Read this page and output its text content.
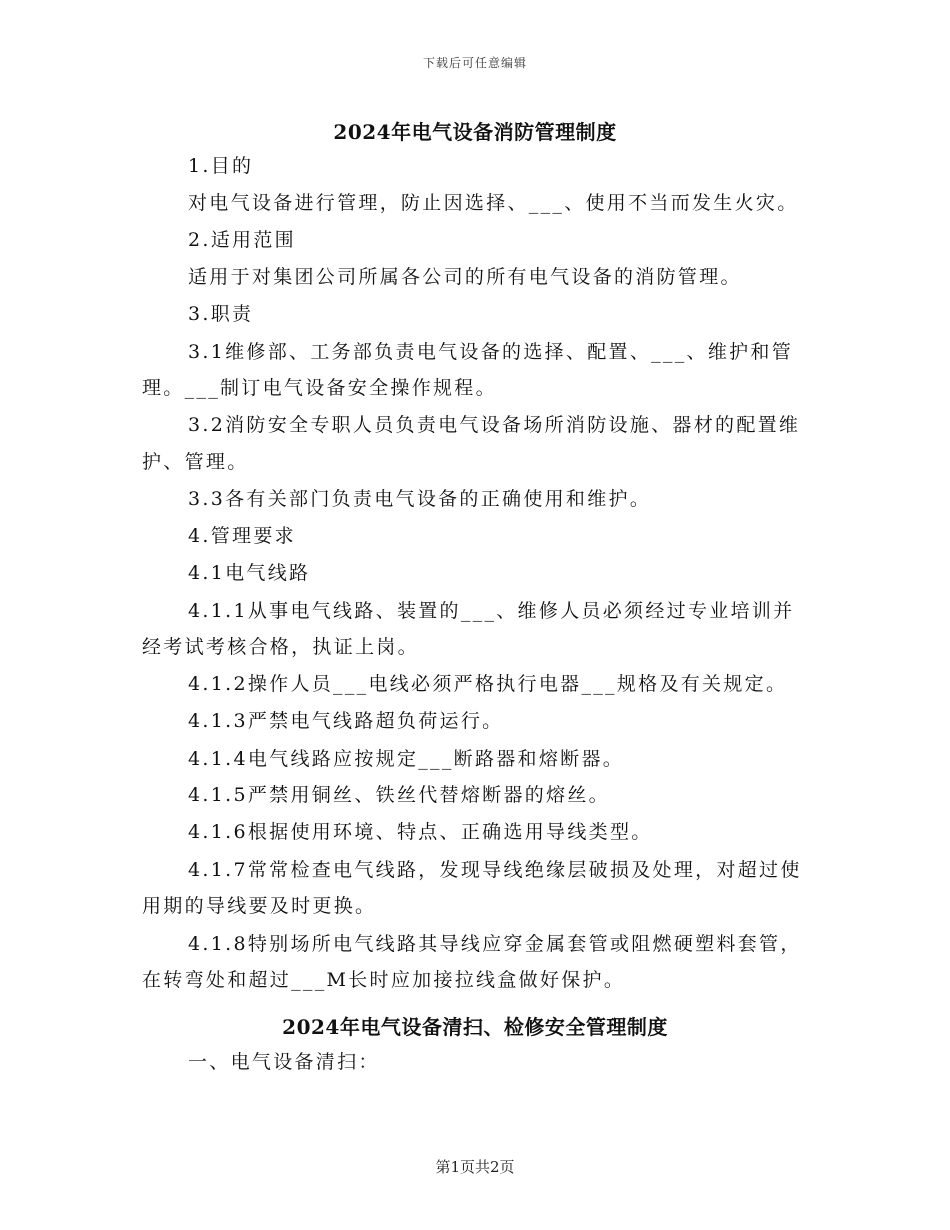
下载后可任意编辑
2024年电气设备消防管理制度
1.目的
对电气设备进行管理，防止因选择、___、使用不当而发生火灾。
2.适用范围
适用于对集团公司所属各公司的所有电气设备的消防管理。
3.职责
3.1维修部、工务部负责电气设备的选择、配置、___、维护和管
理。___制订电气设备安全操作规程。
3.2消防安全专职人员负责电气设备场所消防设施、器材的配置维
护、管理。
3.3各有关部门负责电气设备的正确使用和维护。
4.管理要求
4.1电气线路
4.1.1从事电气线路、装置的___、维修人员必须经过专业培训并
经考试考核合格，执证上岗。
4.1.2操作人员___电线必须严格执行电器___规格及有关规定。
4.1.3严禁电气线路超负荷运行。
4.1.4电气线路应按规定___断路器和熔断器。
4.1.5严禁用铜丝、铁丝代替熔断器的熔丝。
4.1.6根据使用环境、特点、正确选用导线类型。
4.1.7常常检查电气线路，发现导线绝缘层破损及处理，对超过使
用期的导线要及时更换。
4.1.8特别场所电气线路其导线应穿金属套管或阻燃硬塑料套管，
在转弯处和超过___M长时应加接拉线盒做好保护。
2024年电气设备清扫、检修安全管理制度
一、电气设备清扫：
第1页共2页
